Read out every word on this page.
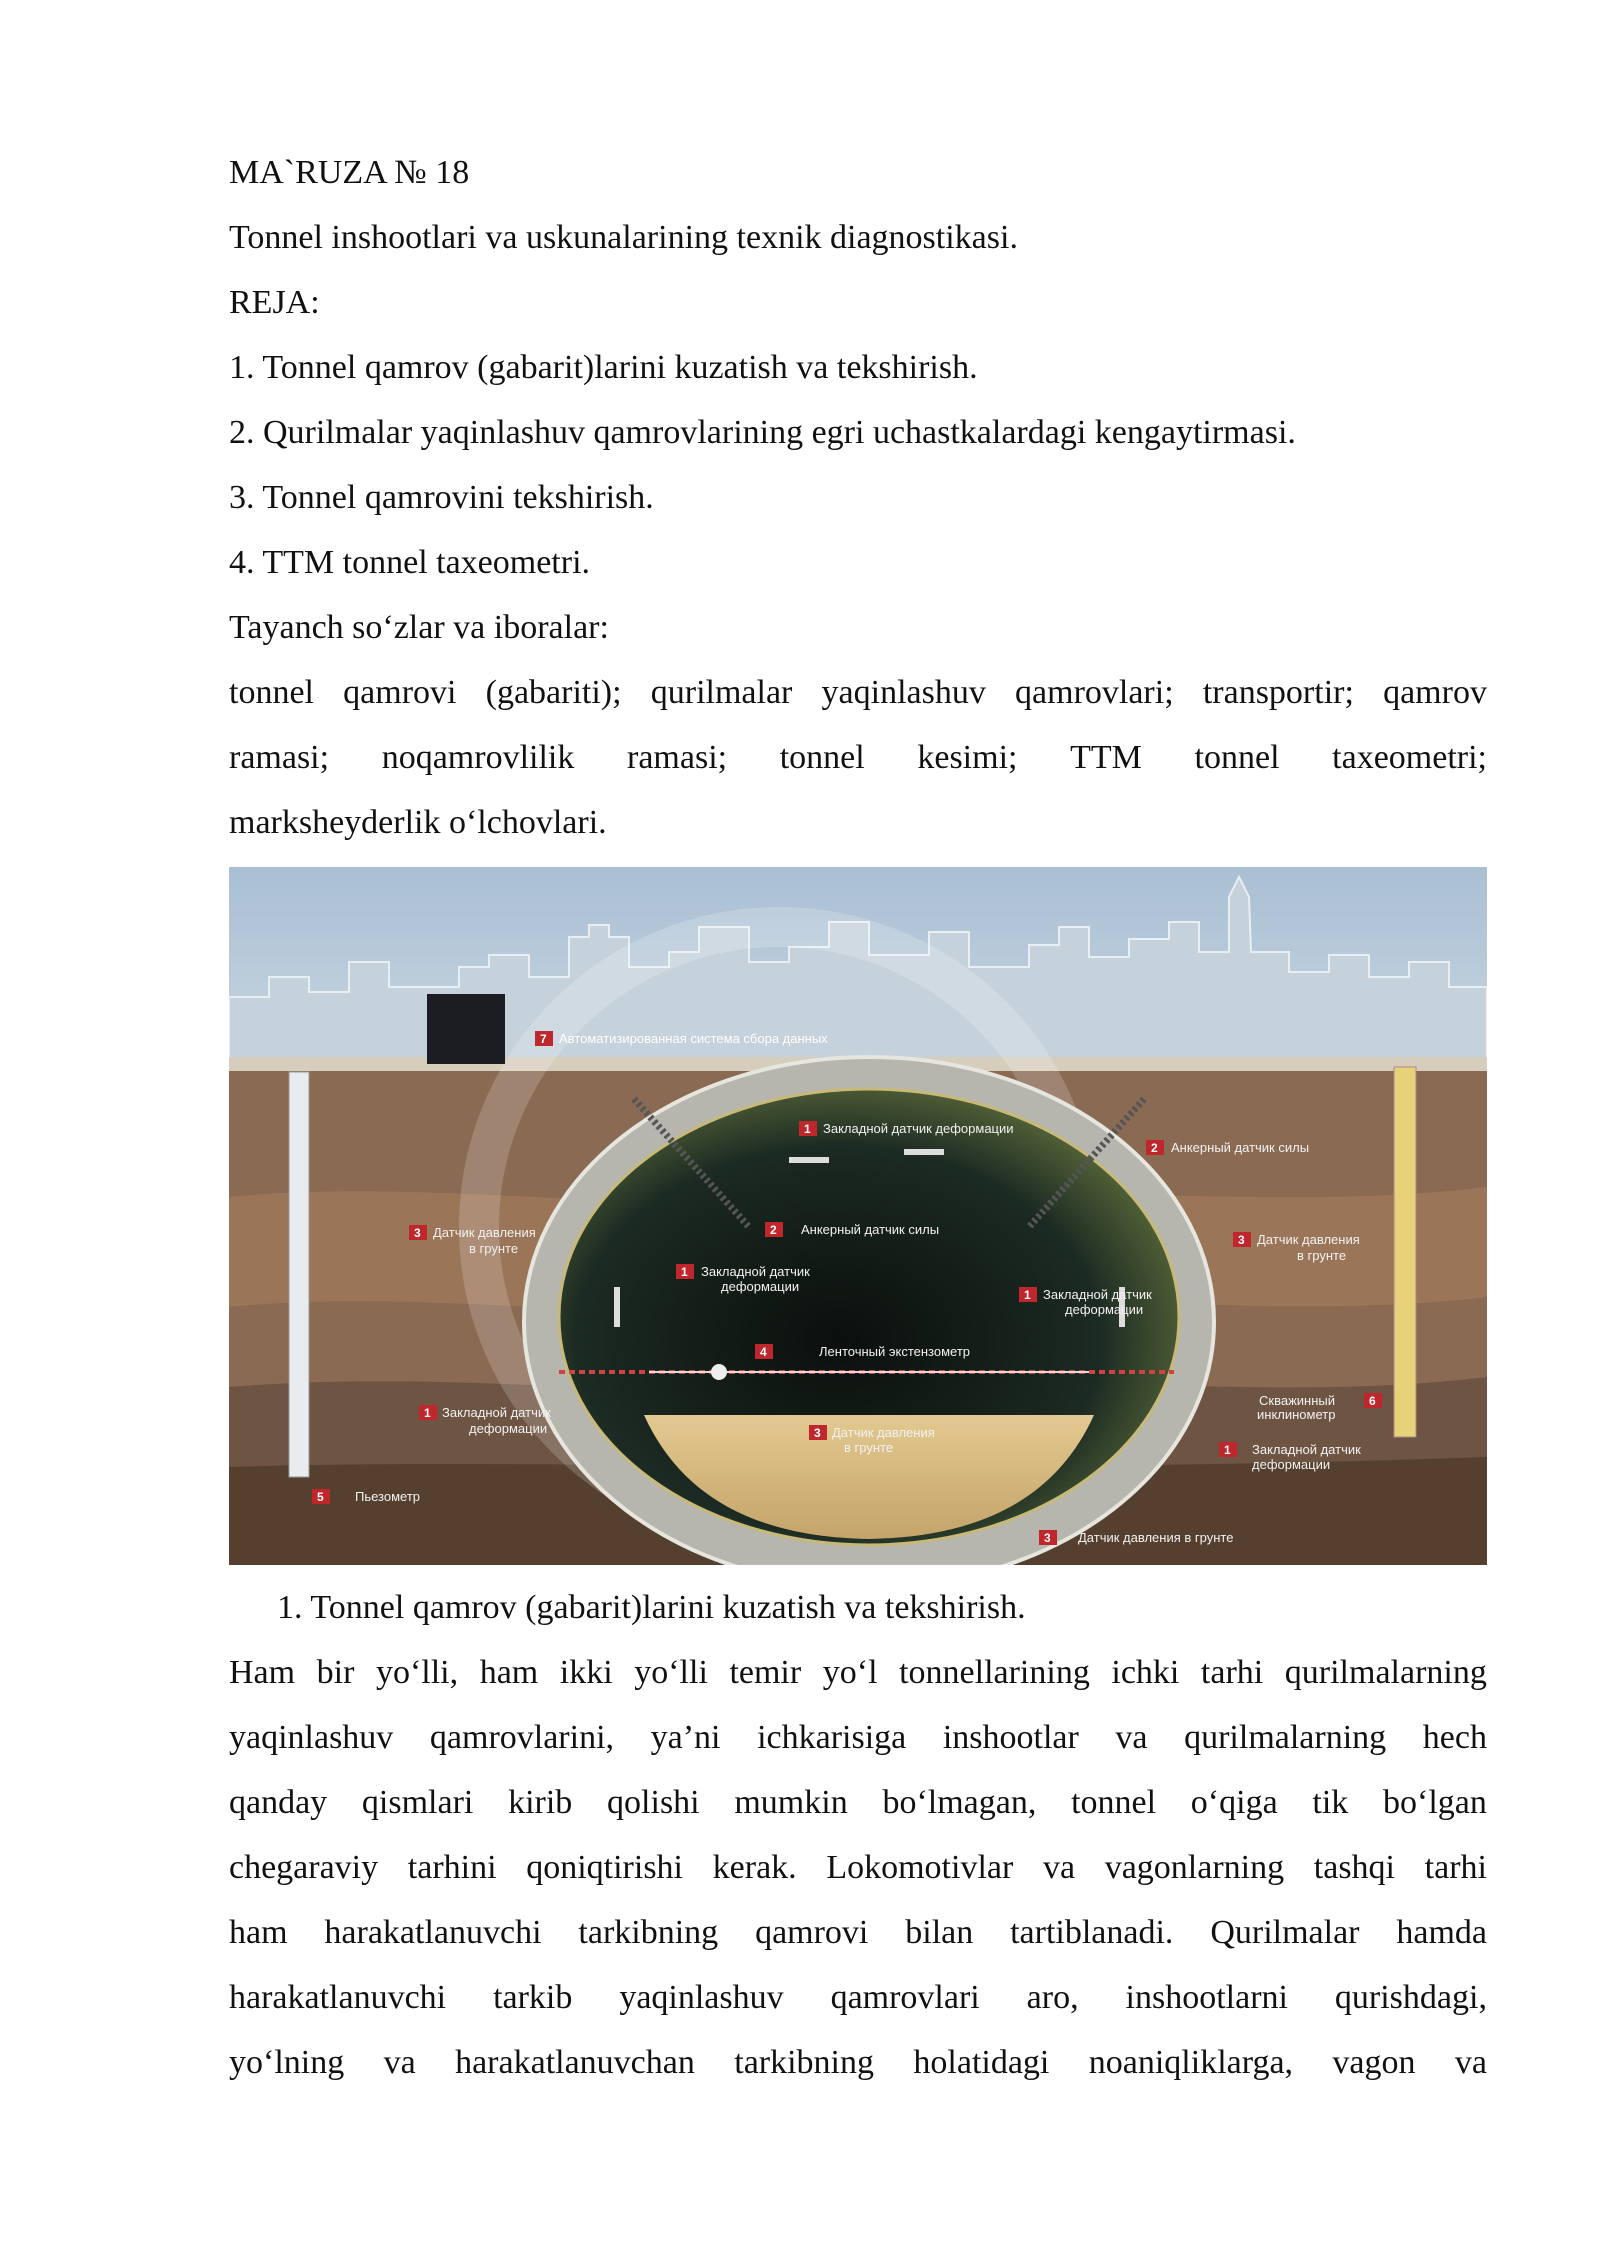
MA`RUZA № 18
Tonnel inshootlari va uskunalarining texnik diagnostikasi.
REJA:
1. Tonnel qamrov (gabarit)larini kuzatish va tekshirish.
2. Qurilmalar yaqinlashuv qamrovlarining egri uchastkalardagi kengaytirmasi.
3. Tonnel qamrovini tekshirish.
4. TTM tonnel taxeometri.
Tayanch so‘zlar va iboralar:
tonnel qamrovi (gabariti); qurilmalar yaqinlashuv qamrovlari; transportir; qamrov
ramasi; noqamrovlilik ramasi; tonnel kesimi; TTM tonnel taxeometri;
marksheyderlik o‘lchovlari.
7 Автоматизированная система сбора данных
1 Закладной датчик деформации
2 Анкерный датчик силы
3 Датчик давления
в грунте
2 Анкерный датчик силы
3 Датчик давления
в грунте
1 Закладной датчик
деформации
1 Закладной датчик
деформации
4	Ленточный экстензометр
Скважинный
инклинометр
6
1 Закладной датчик
деформации	3 Датчик давления
в грунте	1 Закладной датчик
деформации
5 Пьезометр
3 Датчик давления в грунте
1. Tonnel qamrov (gabarit)larini kuzatish va tekshirish.
Ham bir yo‘lli, ham ikki yo‘lli temir yo‘l tonnellarining ichki tarhi qurilmalarning
yaqinlashuv qamrovlarini, ya’ni ichkarisiga inshootlar va qurilmalarning hech
qanday qismlari kirib qolishi mumkin bo‘lmagan, tonnel o‘qiga tik bo‘lgan
chegaraviy tarhini qoniqtirishi kerak. Lokomotivlar va vagonlarning tashqi tarhi
ham harakatlanuvchi tarkibning qamrovi bilan tartiblanadi. Qurilmalar hamda
harakatlanuvchi tarkib yaqinlashuv qamrovlari aro, inshootlarni qurishdagi,
yo‘lning va harakatlanuvchan tarkibning holatidagi noaniqliklarga, vagon va
